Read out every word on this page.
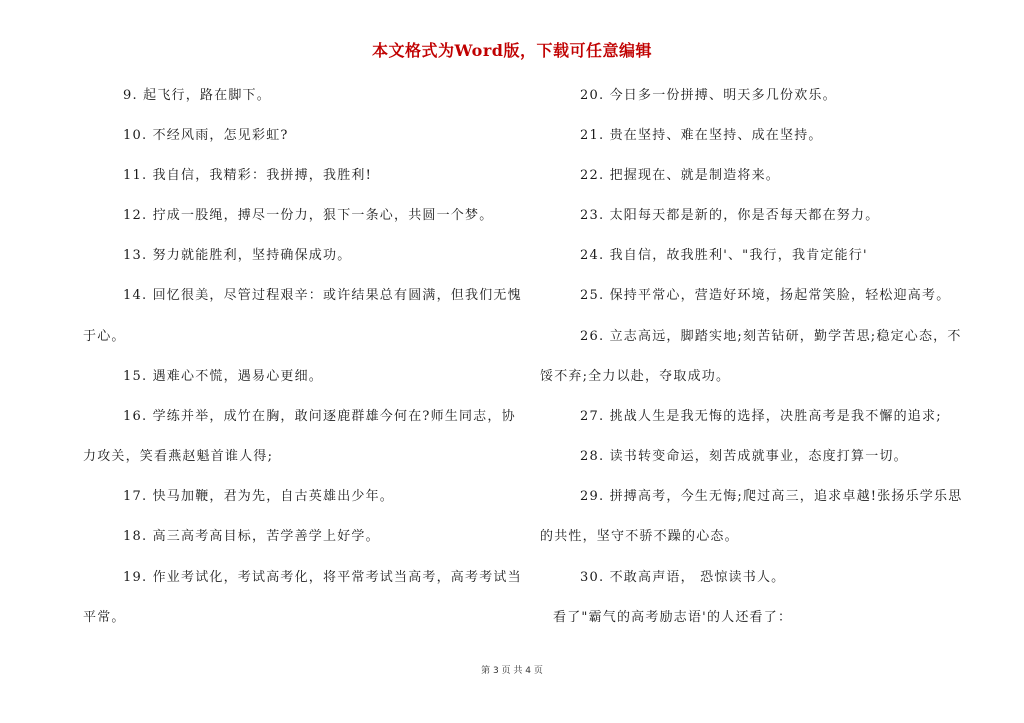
本文格式为Word版，下载可任意编辑
9. 起飞行，路在脚下。
10. 不经风雨，怎见彩虹?
11. 我自信，我精彩：我拼搏，我胜利!
12. 拧成一股绳，搏尽一份力，狠下一条心，共圆一个梦。
13. 努力就能胜利，坚持确保成功。
14. 回忆很美，尽管过程艰辛：或许结果总有圆满，但我们无愧
于心。
15. 遇难心不慌，遇易心更细。
16. 学练并举，成竹在胸，敢问逐鹿群雄今何在?师生同志，协
力攻关，笑看燕赵魁首谁人得;
17. 快马加鞭，君为先，自古英雄出少年。
18. 高三高考高目标，苦学善学上好学。
19. 作业考试化，考试高考化，将平常考试当高考，高考考试当
平常。
20. 今日多一份拼搏、明天多几份欢乐。
21. 贵在坚持、难在坚持、成在坚持。
22. 把握现在、就是制造将来。
23. 太阳每天都是新的，你是否每天都在努力。
24. 我自信，故我胜利'、"我行，我肯定能行'
25. 保持平常心，营造好环境，扬起常笑脸，轻松迎高考。
26. 立志高远，脚踏实地;刻苦钻研，勤学苦思;稳定心态，不
馁不弃;全力以赴，夺取成功。
27. 挑战人生是我无悔的选择，决胜高考是我不懈的追求;
28. 读书转变命运，刻苦成就事业，态度打算一切。
29. 拼搏高考，今生无悔;爬过高三，追求卓越!张扬乐学乐思
的共性，坚守不骄不躁的心态。
30. 不敢高声语， 恐惊读书人。
看了"霸气的高考励志语'的人还看了：
第 3 页 共 4 页
